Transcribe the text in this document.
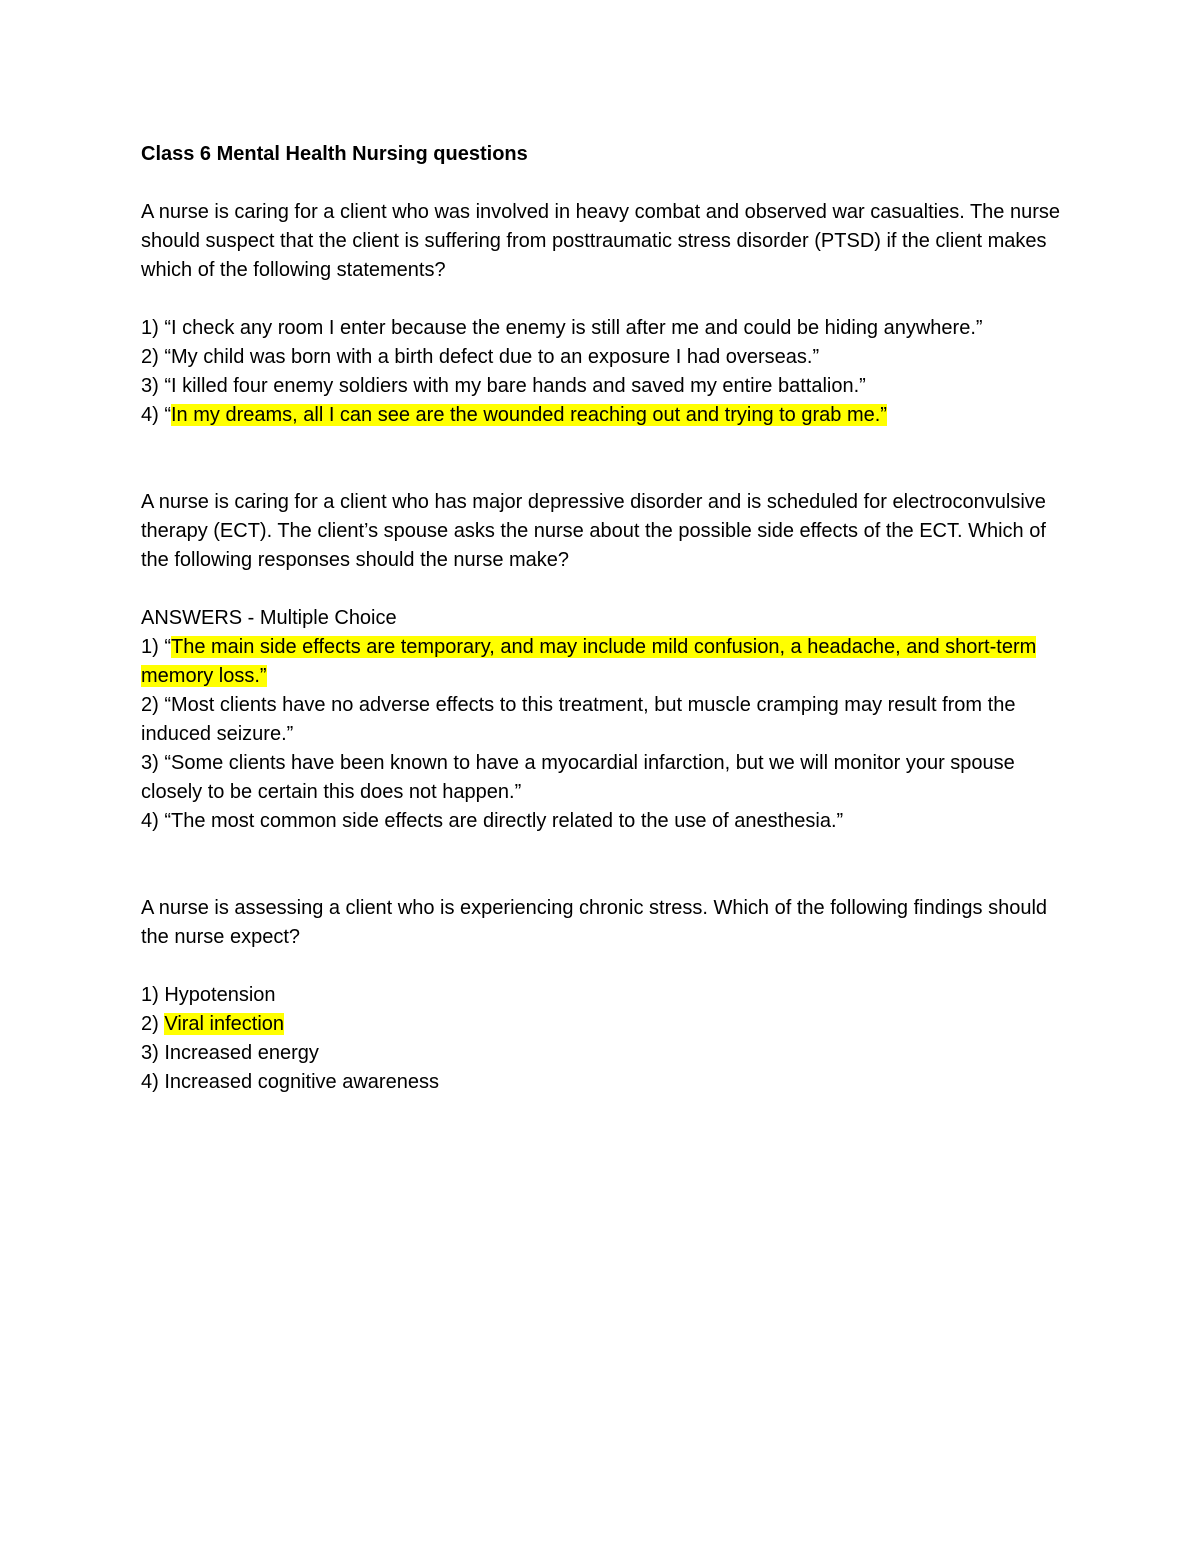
Class 6 Mental Health Nursing questions

A nurse is caring for a client who was involved in heavy combat and observed war casualties. The nurse should suspect that the client is suffering from posttraumatic stress disorder (PTSD) if the client makes which of the following statements?

1) “I check any room I enter because the enemy is still after me and could be hiding anywhere.”

2) “My child was born with a birth defect due to an exposure I had overseas.”

3) “I killed four enemy soldiers with my bare hands and saved my entire battalion.”

4) “In my dreams, all I can see are the wounded reaching out and trying to grab me.”

A nurse is caring for a client who has major depressive disorder and is scheduled for electroconvulsive therapy (ECT). The client’s spouse asks the nurse about the possible side effects of the ECT. Which of the following responses should the nurse make?

ANSWERS - Multiple Choice

1) “The main side effects are temporary, and may include mild confusion, a headache, and short-term memory loss.”

2) “Most clients have no adverse effects to this treatment, but muscle cramping may result from the induced seizure.”

3) “Some clients have been known to have a myocardial infarction, but we will monitor your spouse closely to be certain this does not happen.”

4) “The most common side effects are directly related to the use of anesthesia.”

A nurse is assessing a client who is experiencing chronic stress. Which of the following findings should the nurse expect?

1) Hypotension

2) Viral infection

3) Increased energy

4) Increased cognitive awareness
